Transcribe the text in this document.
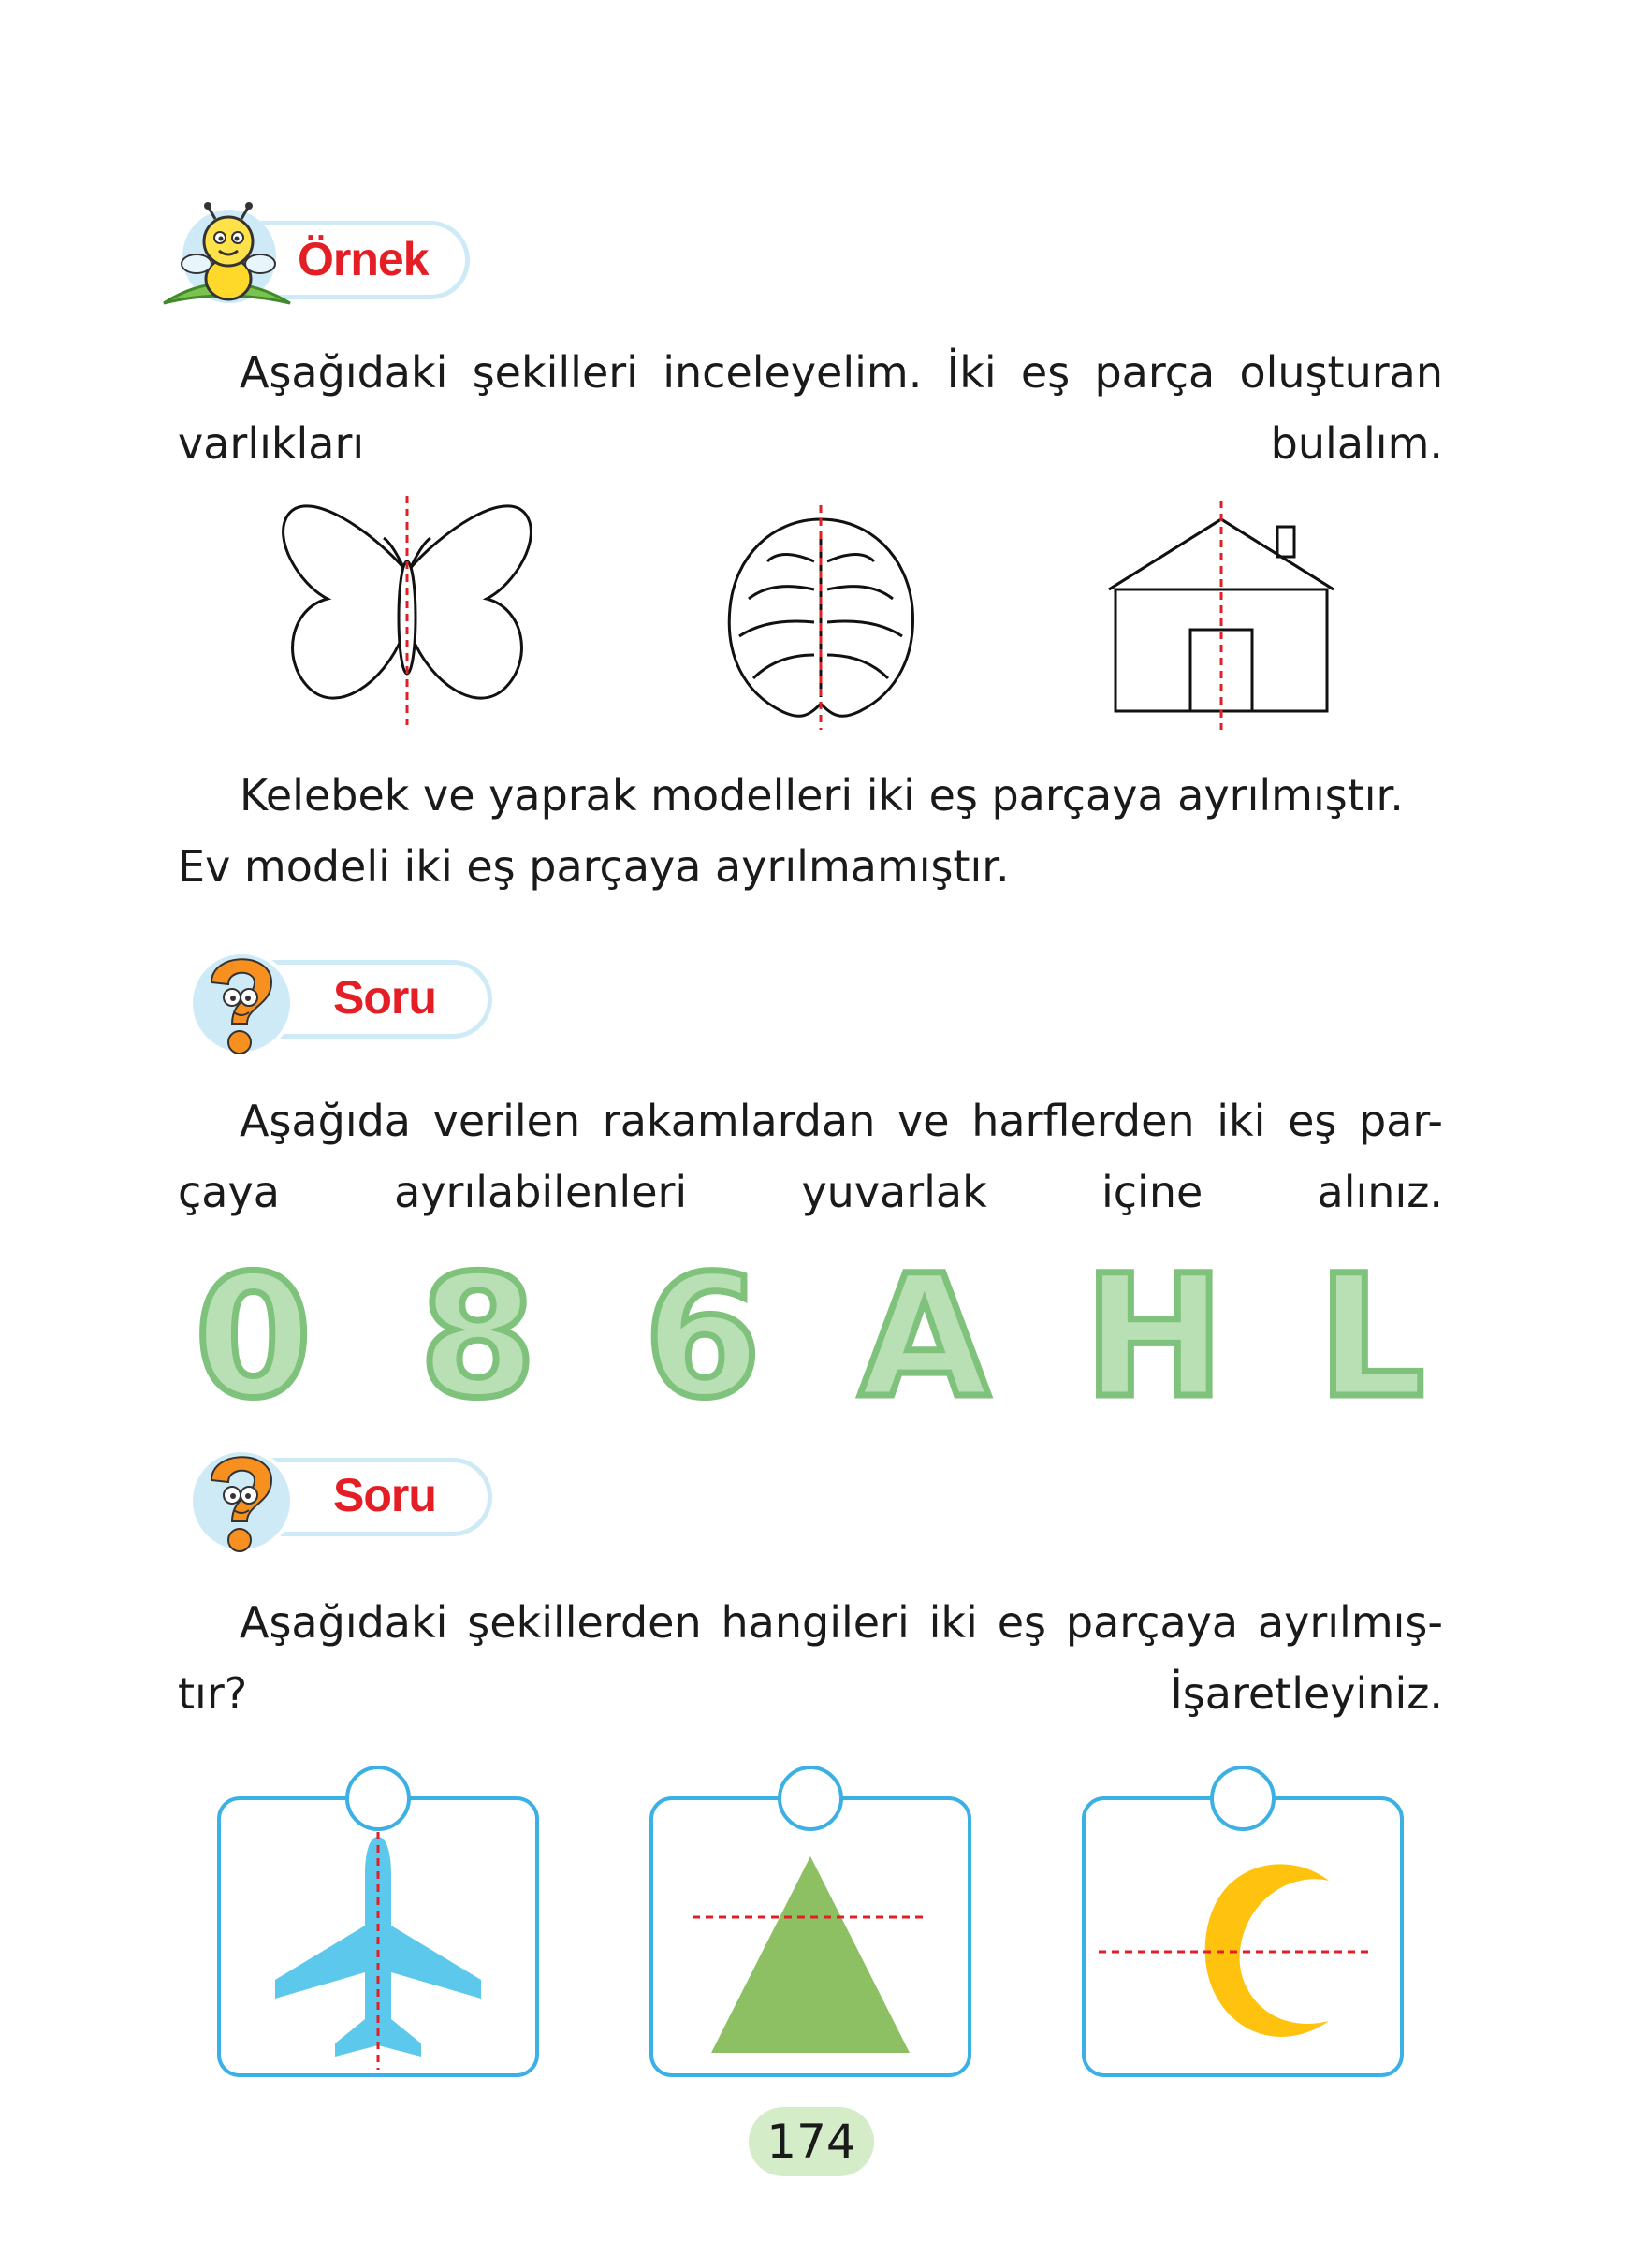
Örnek
Aşağıdaki şekilleri inceleyelim. İki eş parça oluşturan
varlıkları bulalım.
Kelebek ve yaprak modelleri iki eş parçaya ayrılmıştır.
Ev modeli iki eş parçaya ayrılmamıştır.
Soru
Aşağıda verilen rakamlardan ve harflerden iki eş par-
çaya ayrılabilenleri yuvarlak içine alınız.
0 8 6 A H L
Soru
Aşağıdaki şekillerden hangileri iki eş parçaya ayrılmış-
tır? İşaretleyiniz.
174
